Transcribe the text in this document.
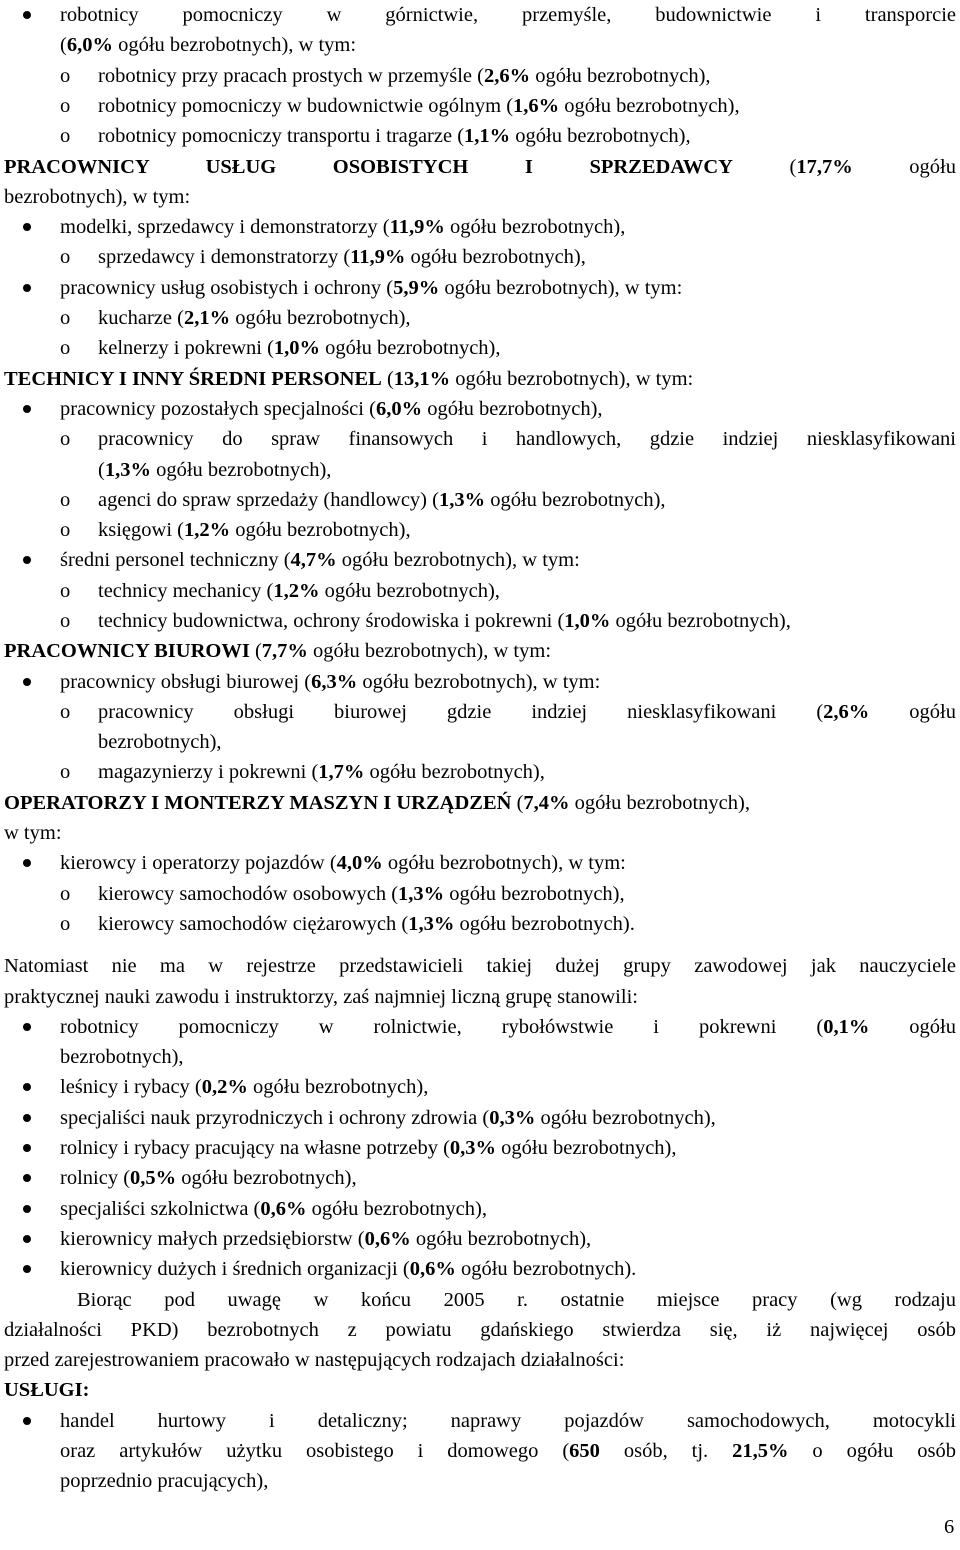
robotnicy pomocniczy w górnictwie, przemyśle, budownictwie i transporcie
(6,0% ogółu bezrobotnych), w tym:
o robotnicy przy pracach prostych w przemyśle (2,6% ogółu bezrobotnych),
o robotnicy pomocniczy w budownictwie ogólnym (1,6% ogółu bezrobotnych),
o robotnicy pomocniczy transportu i tragarze (1,1% ogółu bezrobotnych),
PRACOWNICY USŁUG OSOBISTYCH I SPRZEDAWCY (17,7% ogółu
bezrobotnych), w tym:
modelki, sprzedawcy i demonstratorzy (11,9% ogółu bezrobotnych),
o sprzedawcy i demonstratorzy (11,9% ogółu bezrobotnych),
pracownicy usług osobistych i ochrony (5,9% ogółu bezrobotnych), w tym:
o kucharze (2,1% ogółu bezrobotnych),
o kelnerzy i pokrewni (1,0% ogółu bezrobotnych),
TECHNICY I INNY ŚREDNI PERSONEL (13,1% ogółu bezrobotnych), w tym:
pracownicy pozostałych specjalności (6,0% ogółu bezrobotnych),
o pracownicy do spraw finansowych i handlowych, gdzie indziej niesklasyfikowani
(1,3% ogółu bezrobotnych),
o agenci do spraw sprzedaży (handlowcy) (1,3% ogółu bezrobotnych),
o księgowi (1,2% ogółu bezrobotnych),
średni personel techniczny (4,7% ogółu bezrobotnych), w tym:
o technicy mechanicy (1,2% ogółu bezrobotnych),
o technicy budownictwa, ochrony środowiska i pokrewni (1,0% ogółu bezrobotnych),
PRACOWNICY BIUROWI (7,7% ogółu bezrobotnych), w tym:
pracownicy obsługi biurowej (6,3% ogółu bezrobotnych), w tym:
o pracownicy obsługi biurowej gdzie indziej niesklasyfikowani (2,6% ogółu
bezrobotnych),
o magazynierzy i pokrewni (1,7% ogółu bezrobotnych),
OPERATORZY I MONTERZY MASZYN I URZĄDZEŃ (7,4% ogółu bezrobotnych),
w tym:
kierowcy i operatorzy pojazdów (4,0% ogółu bezrobotnych), w tym:
o kierowcy samochodów osobowych (1,3% ogółu bezrobotnych),
o kierowcy samochodów ciężarowych (1,3% ogółu bezrobotnych).
Natomiast nie ma w rejestrze przedstawicieli takiej dużej grupy zawodowej jak nauczyciele
praktycznej nauki zawodu i instruktorzy, zaś najmniej liczną grupę stanowili:
robotnicy pomocniczy w rolnictwie, rybołówstwie i pokrewni (0,1% ogółu
bezrobotnych),
leśnicy i rybacy (0,2% ogółu bezrobotnych),
specjaliści nauk przyrodniczych i ochrony zdrowia (0,3% ogółu bezrobotnych),
rolnicy i rybacy pracujący na własne potrzeby (0,3% ogółu bezrobotnych),
rolnicy (0,5% ogółu bezrobotnych),
specjaliści szkolnictwa (0,6% ogółu bezrobotnych),
kierownicy małych przedsiębiorstw (0,6% ogółu bezrobotnych),
kierownicy dużych i średnich organizacji (0,6% ogółu bezrobotnych).
Biorąc pod uwagę w końcu 2005 r. ostatnie miejsce pracy (wg rodzaju
działalności PKD) bezrobotnych z powiatu gdańskiego stwierdza się, iż najwięcej osób
przed zarejestrowaniem pracowało w następujących rodzajach działalności:
USŁUGI:
handel hurtowy i detaliczny; naprawy pojazdów samochodowych, motocykli
oraz artykułów użytku osobistego i domowego (650 osób, tj. 21,5% o ogółu osób
poprzednio pracujących),
6
